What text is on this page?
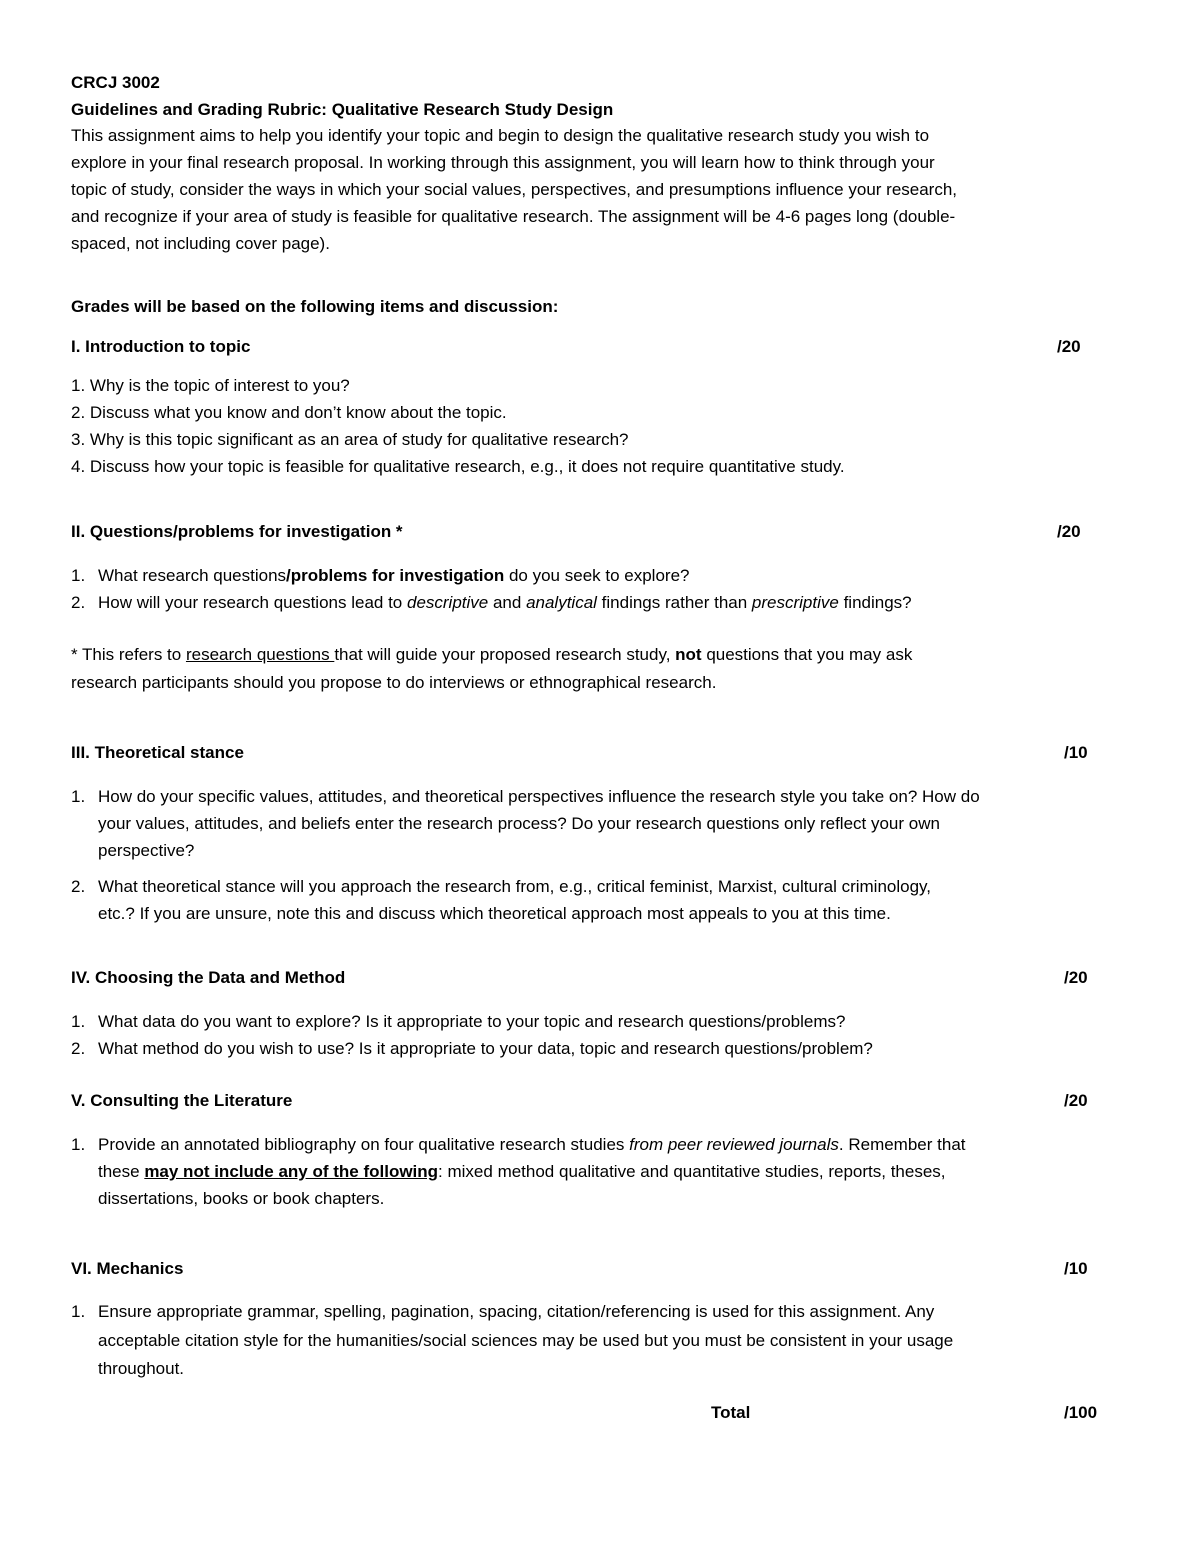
CRCJ 3002
Guidelines and Grading Rubric: Qualitative Research Study Design
This assignment aims to help you identify your topic and begin to design the qualitative research study you wish to
explore in your final research proposal. In working through this assignment, you will learn how to think through your
topic of study, consider the ways in which your social values, perspectives, and presumptions influence your research,
and recognize if your area of study is feasible for qualitative research. The assignment will be 4-6 pages long (double-
spaced, not including cover page).
Grades will be based on the following items and discussion:
I. Introduction to topic	/20
1. Why is the topic of interest to you?
2. Discuss what you know and don’t know about the topic.
3. Why is this topic significant as an area of study for qualitative research?
4. Discuss how your topic is feasible for qualitative research, e.g., it does not require quantitative study.
II. Questions/problems for investigation *	/20
1. What research questions/problems for investigation do you seek to explore?
2. How will your research questions lead to descriptive and analytical findings rather than prescriptive findings?
* This refers to research questions that will guide your proposed research study, not questions that you may ask
research participants should you propose to do interviews or ethnographical research.
III. Theoretical stance	/10
1. How do your specific values, attitudes, and theoretical perspectives influence the research style you take on? How do
your values, attitudes, and beliefs enter the research process? Do your research questions only reflect your own
perspective?
2. What theoretical stance will you approach the research from, e.g., critical feminist, Marxist, cultural criminology,
etc.? If you are unsure, note this and discuss which theoretical approach most appeals to you at this time.
IV. Choosing the Data and Method	/20
1. What data do you want to explore? Is it appropriate to your topic and research questions/problems?
2. What method do you wish to use? Is it appropriate to your data, topic and research questions/problem?
V. Consulting the Literature	/20
1. Provide an annotated bibliography on four qualitative research studies from peer reviewed journals. Remember that
these may not include any of the following: mixed method qualitative and quantitative studies, reports, theses,
dissertations, books or book chapters.
VI. Mechanics	/10
1. Ensure appropriate grammar, spelling, pagination, spacing, citation/referencing is used for this assignment. Any
acceptable citation style for the humanities/social sciences may be used but you must be consistent in your usage
throughout.
Total	/100
